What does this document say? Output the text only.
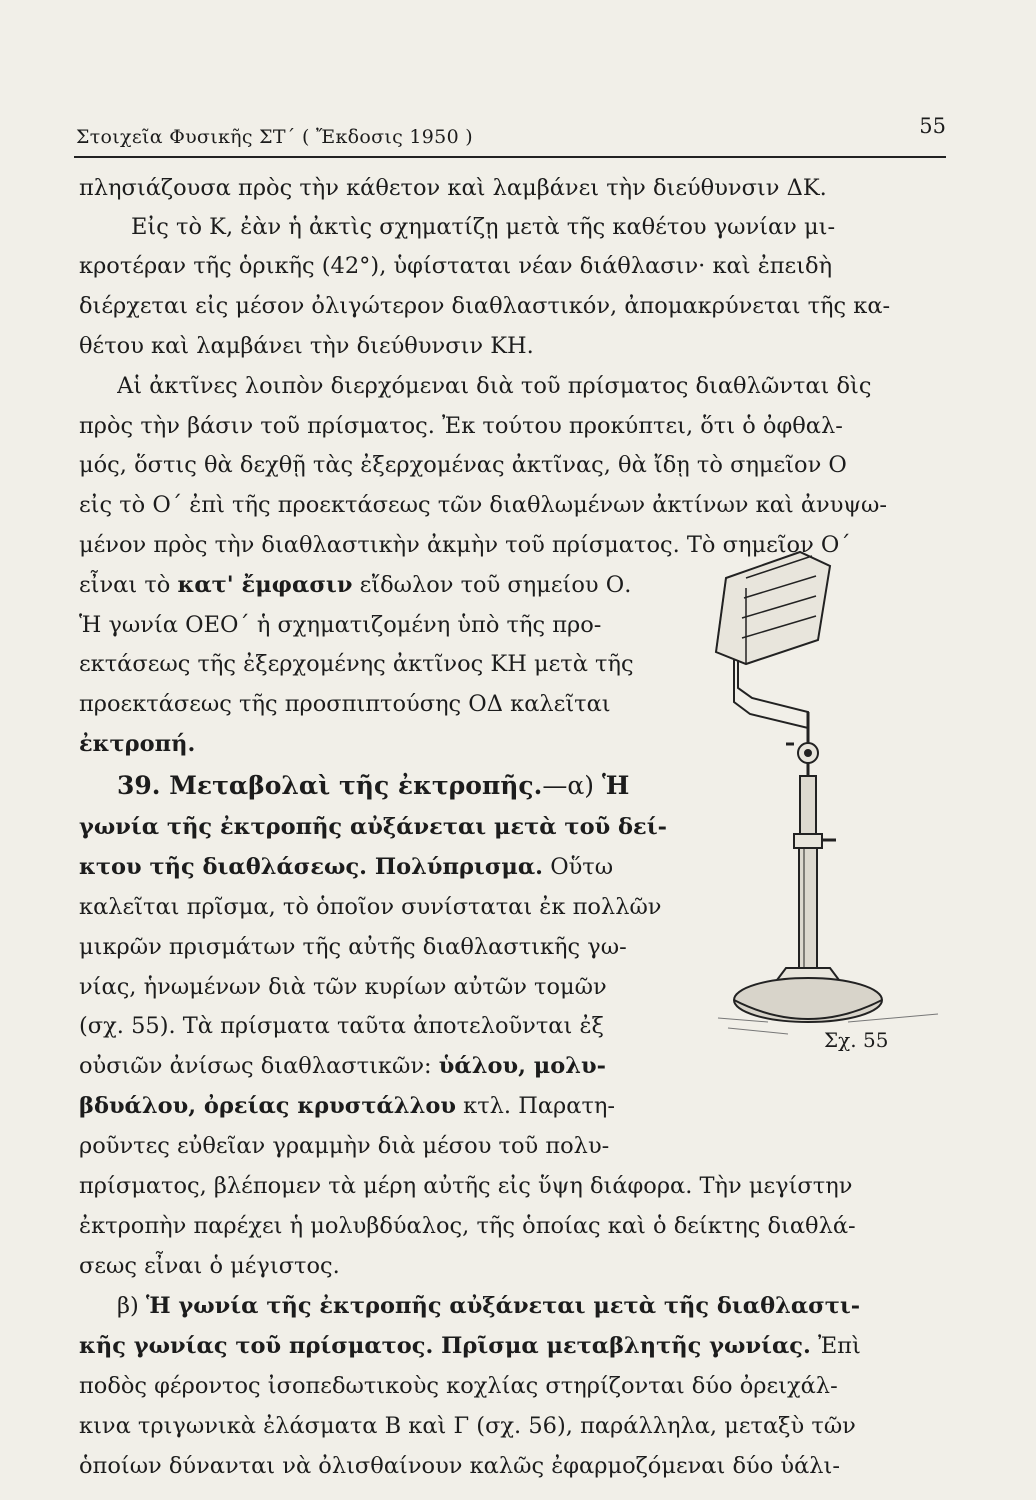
Στοιχεῖα Φυσικῆς ΣΤ΄ ( Ἔκδοσις 1950 )	55
πλησιάζουσα πρὸς τὴν κάθετον καὶ λαμβάνει τὴν διεύθυνσιν ΔΚ.
Εἰς τὸ Κ, ἐὰν ἡ ἀκτὶς σχηματίζῃ μετὰ τῆς καθέτου γωνίαν μι-
κροτέραν τῆς ὁρικῆς (42°), ὑφίσταται νέαν διάθλασιν· καὶ ἐπειδὴ
διέρχεται εἰς μέσον ὀλιγώτερον διαθλαστικόν, ἀπομακρύνεται τῆς κα-
θέτου καὶ λαμβάνει τὴν διεύθυνσιν ΚΗ.
Αἱ ἀκτῖνες λοιπὸν διερχόμεναι διὰ τοῦ πρίσματος διαθλῶνται δὶς
πρὸς τὴν βάσιν τοῦ πρίσματος. Ἐκ τούτου προκύπτει, ὅτι ὁ ὀφθαλ-
μός, ὅστις θὰ δεχθῇ τὰς ἐξερχομένας ἀκτῖνας, θὰ ἴδῃ τὸ σημεῖον Ο
εἰς τὸ Ο΄ ἐπὶ τῆς προεκτάσεως τῶν διαθλωμένων ἀκτίνων καὶ ἀνυψω-
μένον πρὸς τὴν διαθλαστικὴν ἀκμὴν τοῦ πρίσματος. Τὸ σημεῖον Ο΄
εἶναι τὸ κατ' ἔμφασιν εἴδωλον τοῦ σημείου Ο.
Ἡ γωνία ΟΕΟ΄ ἡ σχηματιζομένη ὑπὸ τῆς προ-
εκτάσεως τῆς ἐξερχομένης ἀκτῖνος ΚΗ μετὰ τῆς
προεκτάσεως τῆς προσπιπτούσης ΟΔ καλεῖται
ἐκτροπή.
39. Μεταβολαὶ τῆς ἐκτροπῆς.—α) Ἡ
γωνία τῆς ἐκτροπῆς αὐξάνεται μετὰ τοῦ δεί-
κτου τῆς διαθλάσεως. Πολύπρισμα. Οὕτω
καλεῖται πρῖσμα, τὸ ὁποῖον συνίσταται ἐκ πολλῶν
μικρῶν πρισμάτων τῆς αὐτῆς διαθλαστικῆς γω-
νίας, ἡνωμένων διὰ τῶν κυρίων αὐτῶν τομῶν
(σχ. 55). Τὰ πρίσματα ταῦτα ἀποτελοῦνται ἐξ
οὐσιῶν ἀνίσως διαθλαστικῶν: ὑάλου, μολυ-
βδυάλου, ὀρείας κρυστάλλου κτλ. Παρατη-
ροῦντες εὐθεῖαν γραμμὴν διὰ μέσου τοῦ πολυ-
πρίσματος, βλέπομεν τὰ μέρη αὐτῆς εἰς ὕψη διάφορα. Τὴν μεγίστην
ἐκτροπὴν παρέχει ἡ μολυβδύαλος, τῆς ὁποίας καὶ ὁ δείκτης διαθλά-
σεως εἶναι ὁ μέγιστος.
β) Ἡ γωνία τῆς ἐκτροπῆς αὐξάνεται μετὰ τῆς διαθλαστι-
κῆς γωνίας τοῦ πρίσματος. Πρῖσμα μεταβλητῆς γωνίας. Ἐπὶ
ποδὸς φέροντος ἰσοπεδωτικοὺς κοχλίας στηρίζονται δύο ὀρειχάλ-
κινα τριγωνικὰ ἐλάσματα Β καὶ Γ (σχ. 56), παράλληλα, μεταξὺ τῶν
ὁποίων δύνανται νὰ ὀλισθαίνουν καλῶς ἐφαρμοζόμεναι δύο ὑάλι-
Σχ. 55
